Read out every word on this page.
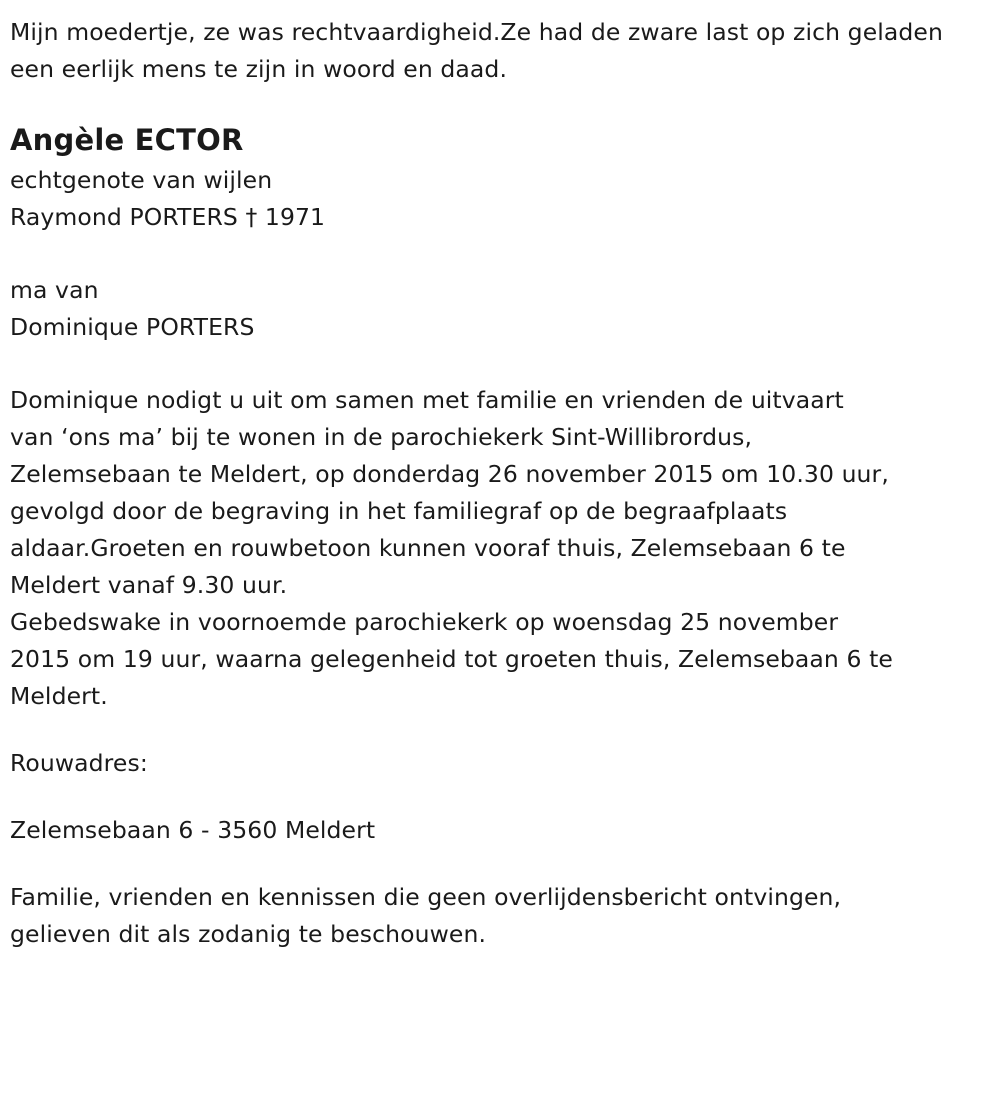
Mijn moedertje, ze was rechtvaardigheid.Ze had de zware last op zich geladen
een eerlijk mens te zijn in woord en daad.
Angèle ECTOR
echtgenote van wijlen
Raymond PORTERS † 1971
ma van
Dominique PORTERS
Dominique nodigt u uit om samen met familie en vrienden de uitvaart
van ‘ons ma’ bij te wonen in de parochiekerk Sint-Willibrordus,
Zelemsebaan te Meldert, op donderdag 26 november 2015 om 10.30 uur,
gevolgd door de begraving in het familiegraf op de begraafplaats
aldaar.Groeten en rouwbetoon kunnen vooraf thuis, Zelemsebaan 6 te
Meldert vanaf 9.30 uur.
Gebedswake in voornoemde parochiekerk op woensdag 25 november
2015 om 19 uur, waarna gelegenheid tot groeten thuis, Zelemsebaan 6 te
Meldert.
Rouwadres:
Zelemsebaan 6 - 3560 Meldert
Familie, vrienden en kennissen die geen overlijdensbericht ontvingen,
gelieven dit als zodanig te beschouwen.
